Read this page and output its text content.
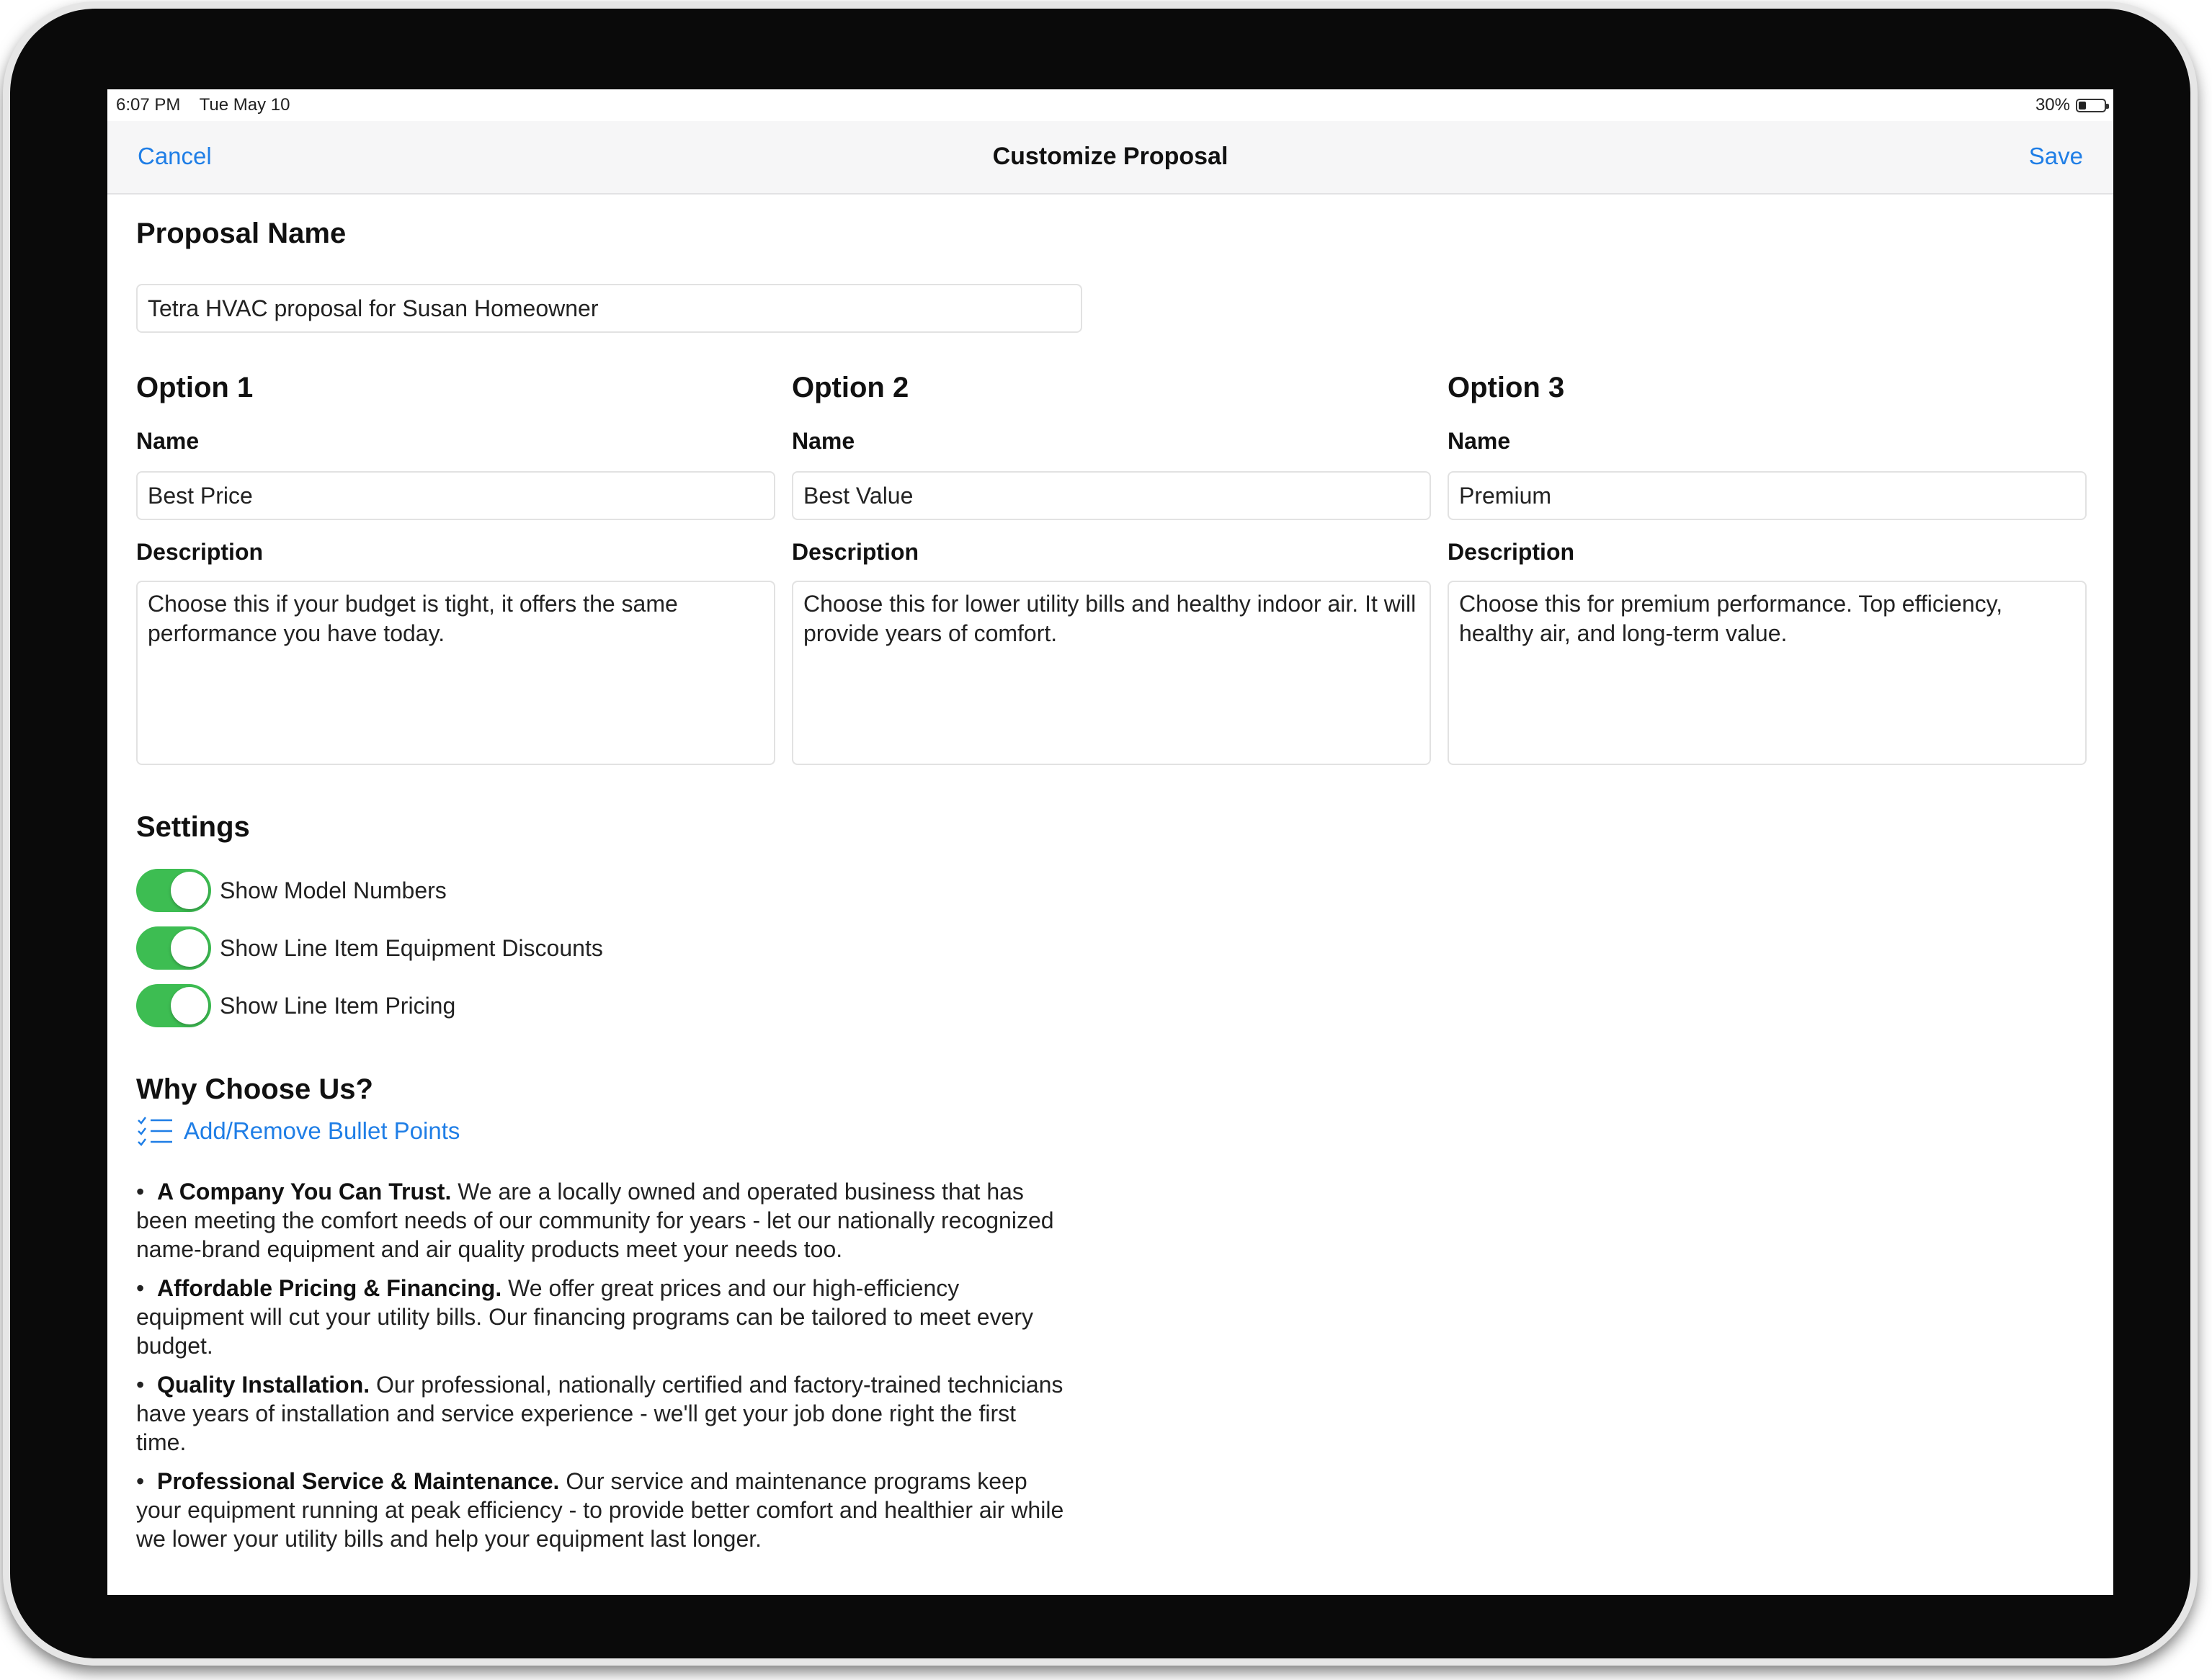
6:07 PM Tue May 10	30%
Cancel	Customize Proposal	Save
Proposal Name
Tetra HVAC proposal for Susan Homeowner
Option 1
Name
Best Price
Description
Choose this if your budget is tight, it offers the same performance you have today.
Option 2
Name
Best Value
Description
Choose this for lower utility bills and healthy indoor air. It will provide years of comfort.
Option 3
Name
Premium
Description
Choose this for premium performance. Top efficiency, healthy air, and long-term value.
Settings
Show Model Numbers
Show Line Item Equipment Discounts
Show Line Item Pricing
Why Choose Us?
Add/Remove Bullet Points
•  A Company You Can Trust. We are a locally owned and operated business that has been meeting the comfort needs of our community for years - let our nationally recognized name-brand equipment and air quality products meet your needs too.
•  Affordable Pricing & Financing. We offer great prices and our high-efficiency equipment will cut your utility bills. Our financing programs can be tailored to meet every budget.
•  Quality Installation. Our professional, nationally certified and factory-trained technicians have years of installation and service experience - we'll get your job done right the first time.
•  Professional Service & Maintenance. Our service and maintenance programs keep your equipment running at peak efficiency - to provide better comfort and healthier air while we lower your utility bills and help your equipment last longer.
